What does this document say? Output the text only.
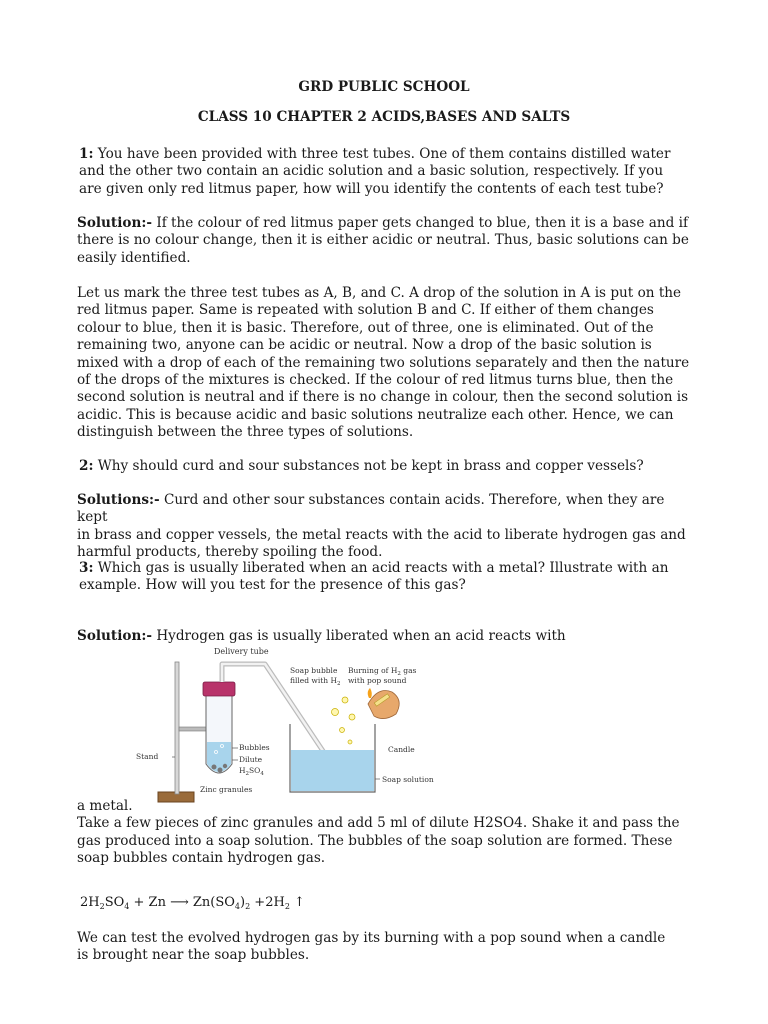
GRD PUBLIC SCHOOL
CLASS 10 CHAPTER 2 ACIDS,BASES AND SALTS
1: You have been provided with three test tubes. One of them contains distilled water
and the other two contain an acidic solution and a basic solution, respectively. If you
are given only red litmus paper, how will you identify the contents of each test tube?
Solution:- If the colour of red litmus paper gets changed to blue, then it is a base and if
there is no colour change, then it is either acidic or neutral. Thus, basic solutions can be
easily identified.
Let us mark the three test tubes as A, B, and C. A drop of the solution in A is put on the
red litmus paper. Same is repeated with solution B and C. If either of them changes
colour to blue, then it is basic. Therefore, out of three, one is eliminated. Out of the
remaining two, anyone can be acidic or neutral. Now a drop of the basic solution is
mixed with a drop of each of the remaining two solutions separately and then the nature
of the drops of the mixtures is checked. If the colour of red litmus turns blue, then the
second solution is neutral and if there is no change in colour, then the second solution is
acidic. This is because acidic and basic solutions neutralize each other. Hence, we can
distinguish between the three types of solutions.
2: Why should curd and sour substances not be kept in brass and copper vessels?
Solutions:- Curd and other sour substances contain acids. Therefore, when they are kept
in brass and copper vessels, the metal reacts with the acid to liberate hydrogen gas and
harmful products, thereby spoiling the food.
3: Which gas is usually liberated when an acid reacts with a metal? Illustrate with an
example. How will you test for the presence of this gas?
Solution:- Hydrogen gas is usually liberated when an acid reacts with
Delivery tube
Soap bubble
filled with $H_2$
Burning of $H_2$ gas
with pop sound
Bubbles
Dilute
$H_2SO_4$
Stand
Candle
Zinc granules
Soap solution
a metal.
Take a few pieces of zinc granules and add 5 ml of dilute H2SO4. Shake it and pass the
gas produced into a soap solution. The bubbles of the soap solution are formed. These
soap bubbles contain hydrogen gas.
$2H_2SO_4 + Zn$ ⟶ $Zn(SO_4)_2 +2H_2$ ↑
We can test the evolved hydrogen gas by its burning with a pop sound when a candle
is brought near the soap bubbles.
